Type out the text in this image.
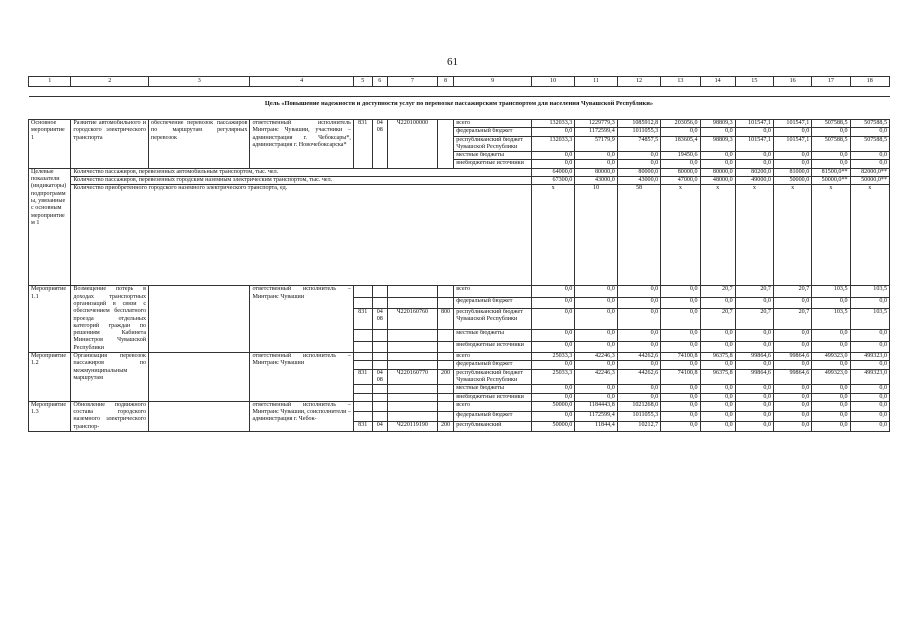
61
1	2	3	4	5	6	7	8	9	10	11	12	13	14	15	16	17	18

Цель «Повышение надежности и доступности услуг по перевозке пассажирским транспортом для населения Чувашской Республики»																	

Основное мероприятие 1	Развитие автомобильного и городского электрического транспорта	обеспечение перевозок пассажиров по маршрутам регулярных перевозок	ответственный исполнитель Минтранс Чувашии, участники – администрация г. Чебоксары*, администрация г. Новочебоксарска*	831	04 08	Ч220100000		всего	132033,3	1229779,3	1085912,8	203056,0	98809,3	101547,1	101547,1	507588,5	507588,5
								федеральный бюджет	0,0	1172599,4	1011055,3	0,0	0,0	0,0	0,0	0,0	0,0
								республиканский бюджет Чувашской Республики	132033,3	57179,9	74857,5	183605,4	98809,3	101547,1	101547,1	507588,5	507588,5
								местные бюджеты	0,0	0,0	0,0	19450,6	0,0	0,0	0,0	0,0	0,0
								внебюджетные источники	0,0	0,0	0,0	0,0	0,0	0,0	0,0	0,0	0,0
Целевые показатели (индикаторы) подпрограммы, увязанные с основным мероприятием 1	Количество пассажиров, перевезенных автомобильным транспортом, тыс. чел.								64000,0	80000,0	80000,0	80000,0	80000,0	80200,0	81000,0	81500,0**	82000,0**
	Количество пассажиров, перевезенных городским наземным электрическим транспортом, тыс. чел.								67300,0	43000,0	43000,0	47000,0	48000,0	49000,0	50000,0	50000,0**	50000,0**
	Количество приобретенного городского наземного электрического транспорта, ед.								x	10	58	x	x	x	x	x	x
Мероприятие 1.1	Возмещение потерь в доходах транспортных организаций в связи с обеспечением бесплатного проезда отдельных категорий граждан по решениям Кабинета Министров Чувашской Республики		ответственный исполнитель – Минтранс Чувашии					всего	0,0	0,0	0,0	0,0	20,7	20,7	20,7	103,5	103,5
								федеральный бюджет	0,0	0,0	0,0	0,0	0,0	0,0	0,0	0,0	0,0
				831	04 08	Ч220160760	800	республиканский бюджет Чувашской Республики	0,0	0,0	0,0	0,0	20,7	20,7	20,7	103,5	103,5
								местные бюджеты	0,0	0,0	0,0	0,0	0,0	0,0	0,0	0,0	0,0
								внебюджетные источники	0,0	0,0	0,0	0,0	0,0	0,0	0,0	0,0	0,0
Мероприятие 1.2	Организация перевозок пассажиров по межмуниципальным маршрутам		ответственный исполнитель – Минтранс Чувашии					всего	25033,3	42246,3	44262,6	74100,8	96375,8	99864,6	99864,6	499323,0	499323,0
								федеральный бюджет	0,0	0,0	0,0	0,0	0,0	0,0	0,0	0,0	0,0
				831	04 08	Ч220160770	200	республиканский бюджет Чувашской Республики	25033,3	42246,3	44262,6	74100,8	96375,8	99864,6	99864,6	499323,0	499323,0
								местные бюджеты	0,0	0,0	0,0	0,0	0,0	0,0	0,0	0,0	0,0
								внебюджетные источники	0,0	0,0	0,0	0,0	0,0	0,0	0,0	0,0	0,0
Мероприятие 1.3	Обновление подвижного состава городского наземного электрического транспор-		ответственный исполнитель – Минтранс Чувашии, соисполнители – администрация г. Чебок-					всего	50000,0	1184443,8	1021268,0	0,0	0,0	0,0	0,0	0,0	0,0
								федеральный бюджет	0,0	1172599,4	1011055,3	0,0	0,0	0,0	0,0	0,0	0,0
				831	04	Ч220119190	200	республиканский	50000,0	11844,4	10212,7	0,0	0,0	0,0	0,0	0,0	0,0
